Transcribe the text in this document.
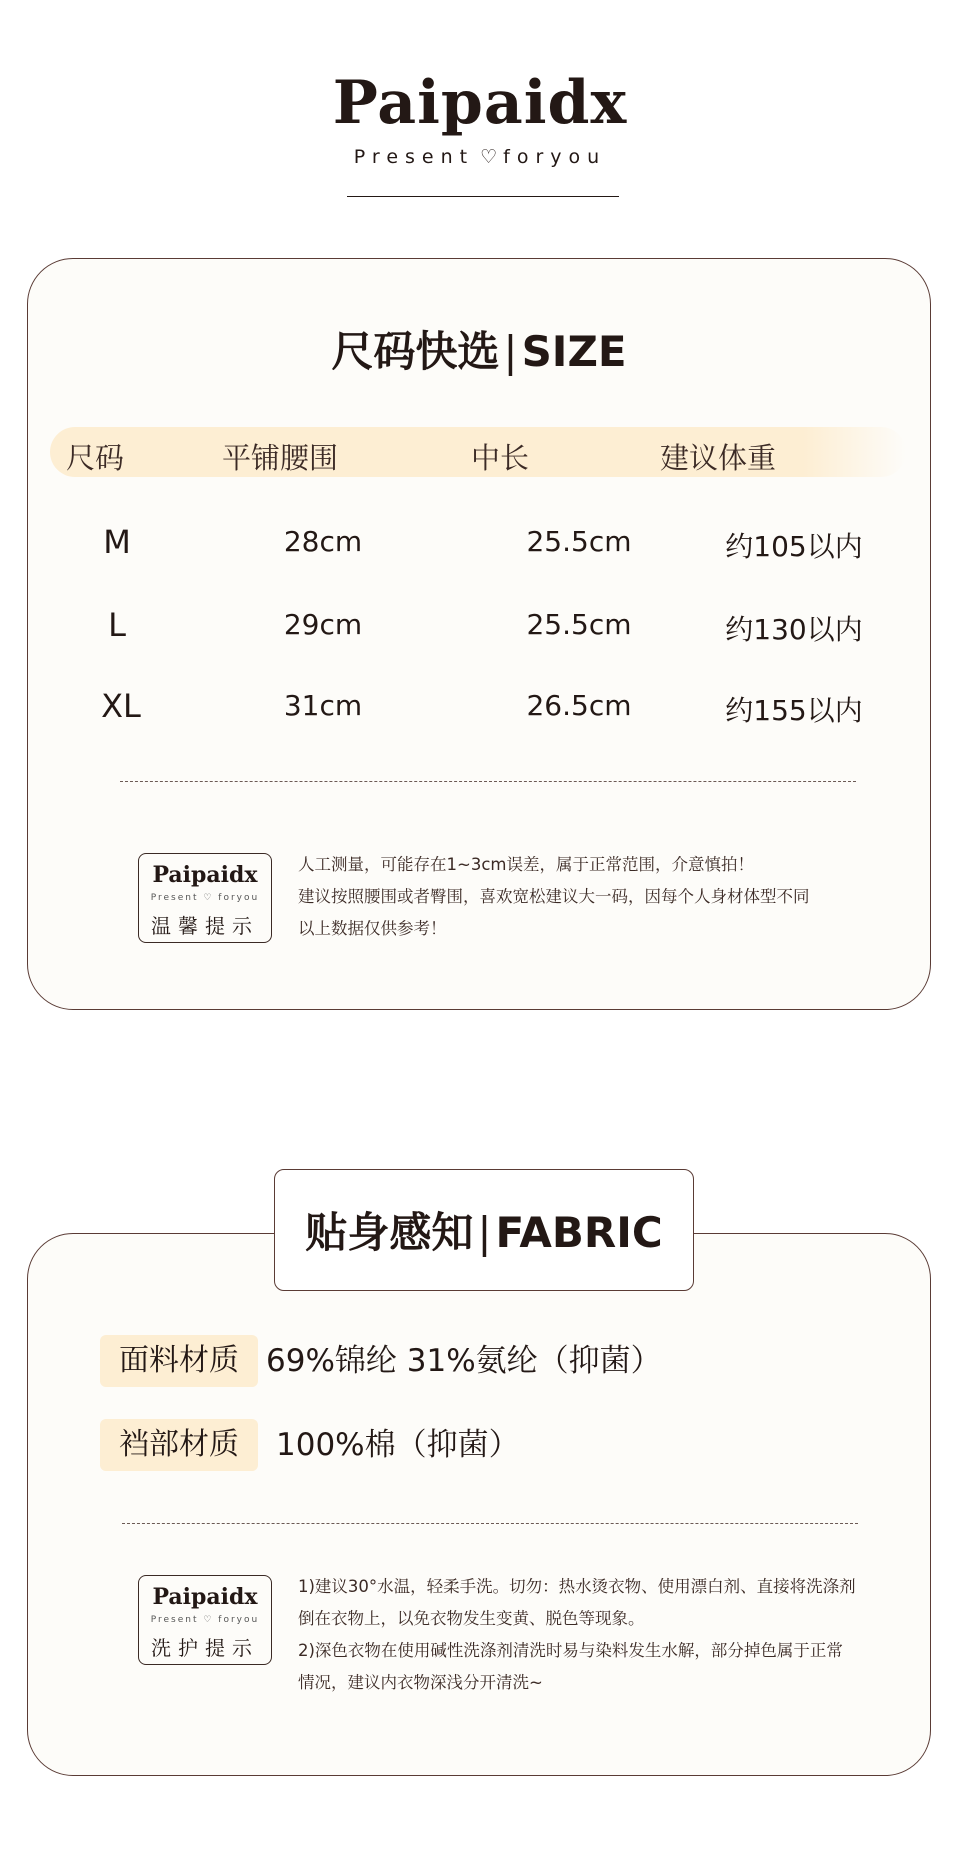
Paipaidx
Present ♡ foryou
尺码快选|SIZE
尺码	平铺腰围	中长	建议体重
M	28cm	25.5cm	约105以内
L	29cm	25.5cm	约130以内
XL	31cm	26.5cm	约155以内
Paipaidx
Present ♡ foryou
温馨提示
人工测量，可能存在1~3cm误差，属于正常范围，介意慎拍！
建议按照腰围或者臀围，喜欢宽松建议大一码，因每个人身材体型不同
以上数据仅供参考！
面料材质 69%锦纶 31%氨纶（抑菌）
裆部材质	100%棉（抑菌）
Paipaidx
Present ♡ foryou
洗护提示
1)建议30°水温，轻柔手洗。切勿：热水烫衣物、使用漂白剂、直接将洗涤剂
倒在衣物上，以免衣物发生变黄、脱色等现象。
2)深色衣物在使用碱性洗涤剂清洗时易与染料发生水解，部分掉色属于正常
情况，建议内衣物深浅分开清洗~
贴身感知|FABRIC
